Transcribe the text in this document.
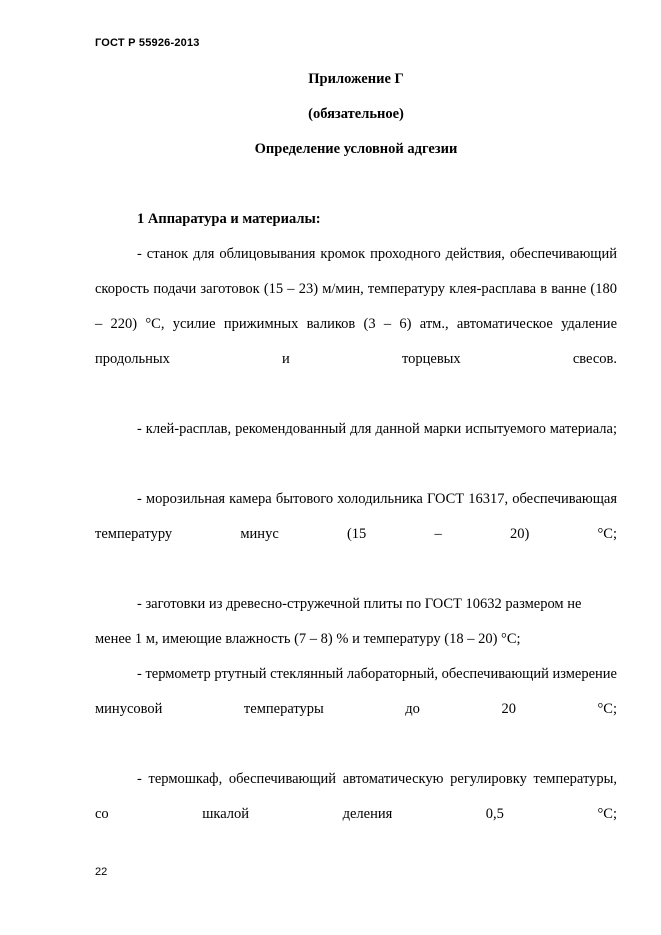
ГОСТ Р 55926-2013
Приложение Г
(обязательное)
Определение условной адгезии
1 Аппаратура и материалы:

- станок для облицовывания кромок проходного действия, обеспечивающий скорость подачи заготовок (15 – 23) м/мин, температуру клея-расплава в ванне (180 – 220) °С, усилие прижимных валиков (3 – 6) атм., автоматическое удаление продольных и торцевых свесов.

- клей-расплав, рекомендованный для данной марки испытуемого материала;

- морозильная камера бытового холодильника ГОСТ 16317, обеспечивающая температуру минус (15 – 20) °С;

- заготовки из древесно-стружечной плиты по ГОСТ 10632 размером не менее 1 м, имеющие влажность (7 – 8) % и температуру (18 – 20) °С;

- термометр ртутный стеклянный лабораторный, обеспечивающий измерение минусовой температуры до 20 °С;

- термошкаф, обеспечивающий автоматическую регулировку температуры, со шкалой деления 0,5 °С;

22
